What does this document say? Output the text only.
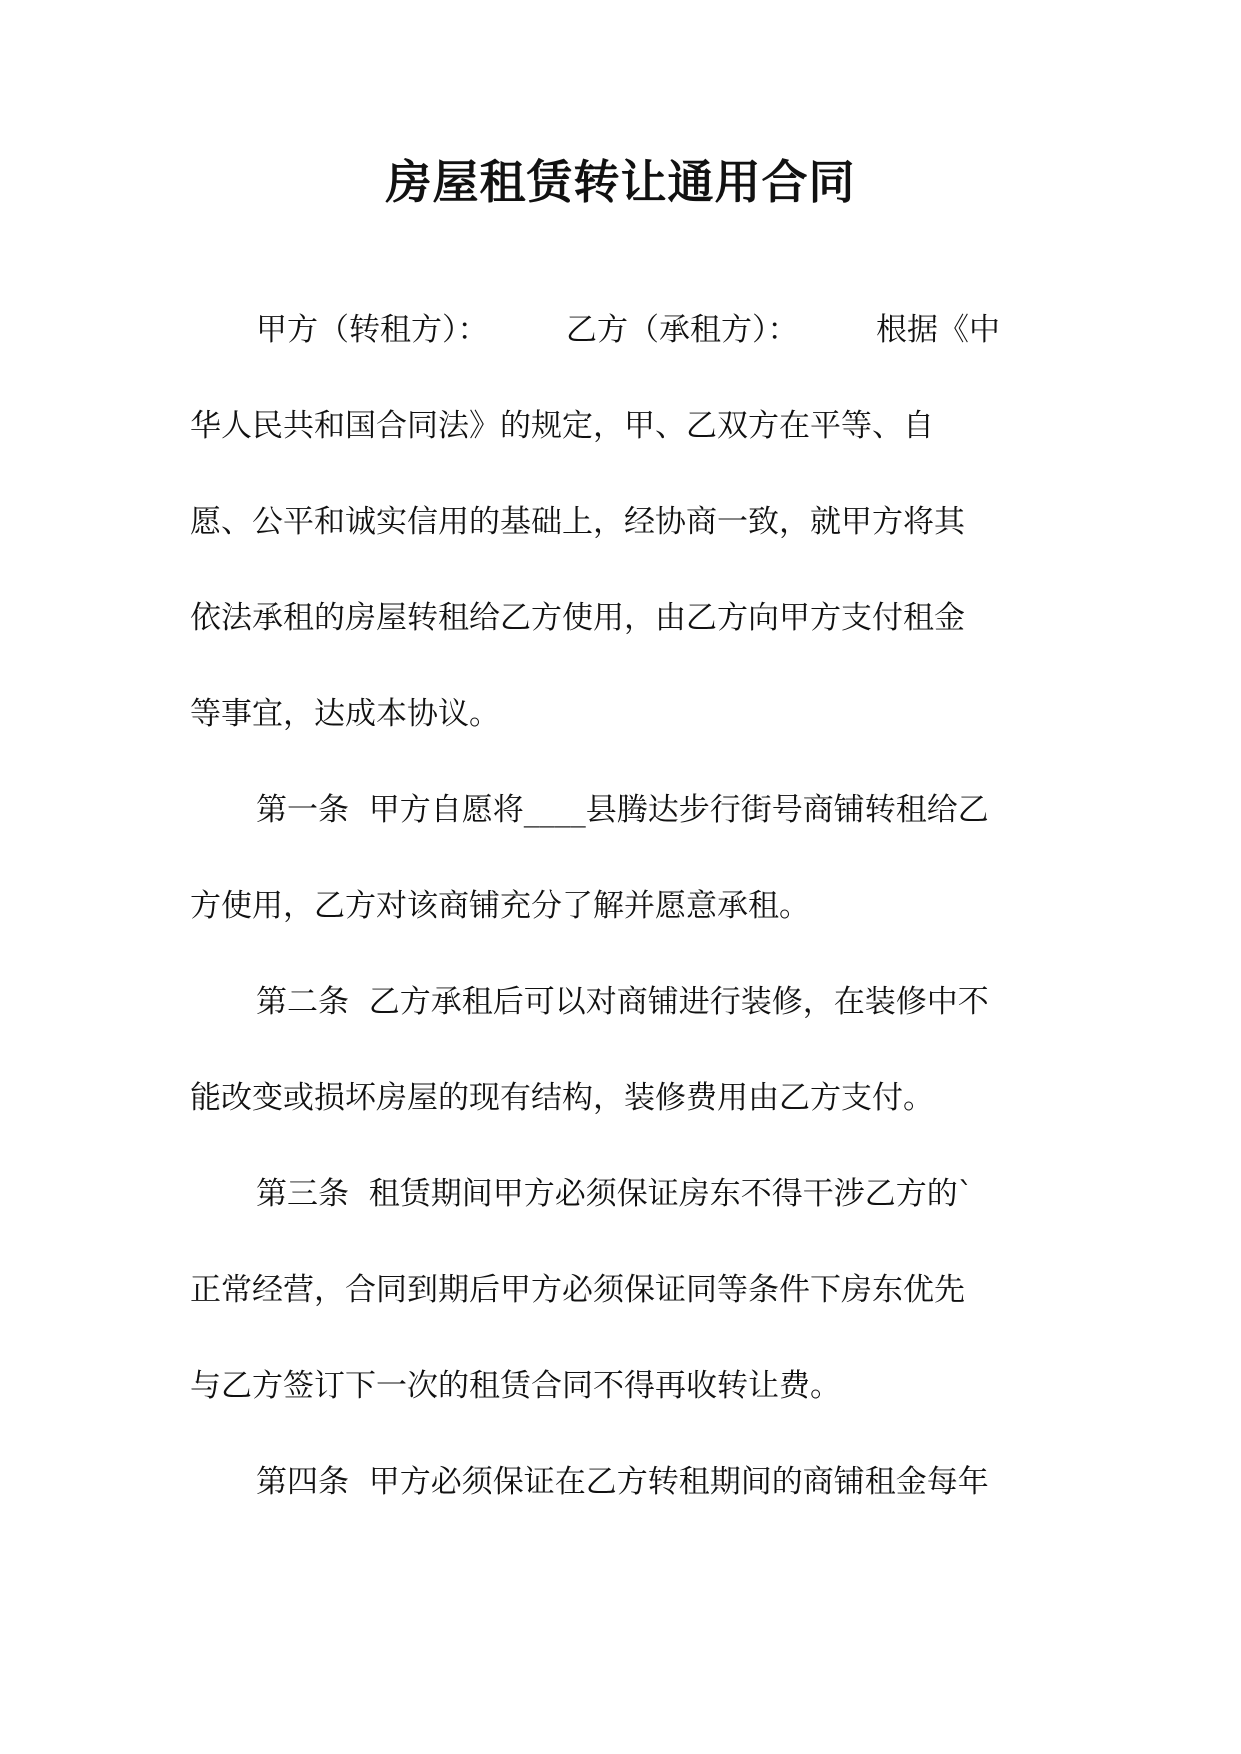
房屋租赁转让通用合同

甲方（转租方）：　　　乙方（承租方）：　　　根据《中

华人民共和国合同法》的规定，甲、乙双方在平等、自

愿、公平和诚实信用的基础上，经协商一致，就甲方将其

依法承租的房屋转租给乙方使用，由乙方向甲方支付租金

等事宜，达成本协议。

第一条  甲方自愿将____县腾达步行街号商铺转租给乙

方使用，乙方对该商铺充分了解并愿意承租。

第二条  乙方承租后可以对商铺进行装修，在装修中不

能改变或损坏房屋的现有结构，装修费用由乙方支付。

第三条  租赁期间甲方必须保证房东不得干涉乙方的`

正常经营，合同到期后甲方必须保证同等条件下房东优先

与乙方签订下一次的租赁合同不得再收转让费。

第四条  甲方必须保证在乙方转租期间的商铺租金每年
